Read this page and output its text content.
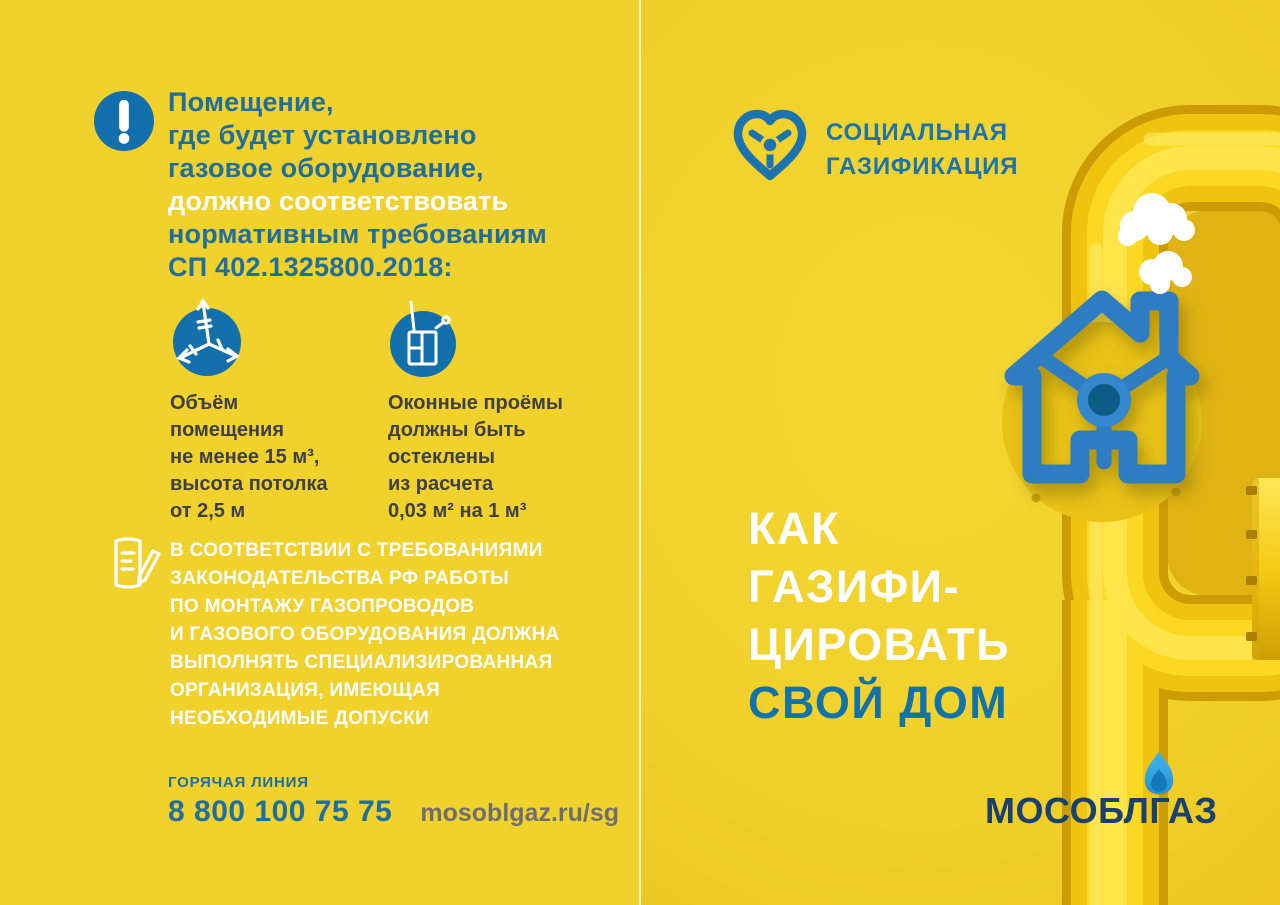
Помещение,
где будет установлено
газовое оборудование,
должно соответствовать
нормативным требованиям
СП 402.1325800.2018:
Объём
помещения
не менее 15 м³,
высота потолка
от 2,5 м
Оконные проёмы
должны быть
остеклены
из расчета
0,03 м² на 1 м³
В СООТВЕТСТВИИ С ТРЕБОВАНИЯМИ
ЗАКОНОДАТЕЛЬСТВА РФ РАБОТЫ
ПО МОНТАЖУ ГАЗОПРОВОДОВ
И ГАЗОВОГО ОБОРУДОВАНИЯ ДОЛЖНА
ВЫПОЛНЯТЬ СПЕЦИАЛИЗИРОВАННАЯ
ОРГАНИЗАЦИЯ, ИМЕЮЩАЯ
НЕОБХОДИМЫЕ ДОПУСКИ
ГОРЯЧАЯ ЛИНИЯ
8 800 100 75 75 mosoblgaz.ru/sg
СОЦИАЛЬНАЯ
ГАЗИФИКАЦИЯ
КАК
ГАЗИФИ-
ЦИРОВАТЬ
СВОЙ ДОМ
МОСОБЛГАЗ
